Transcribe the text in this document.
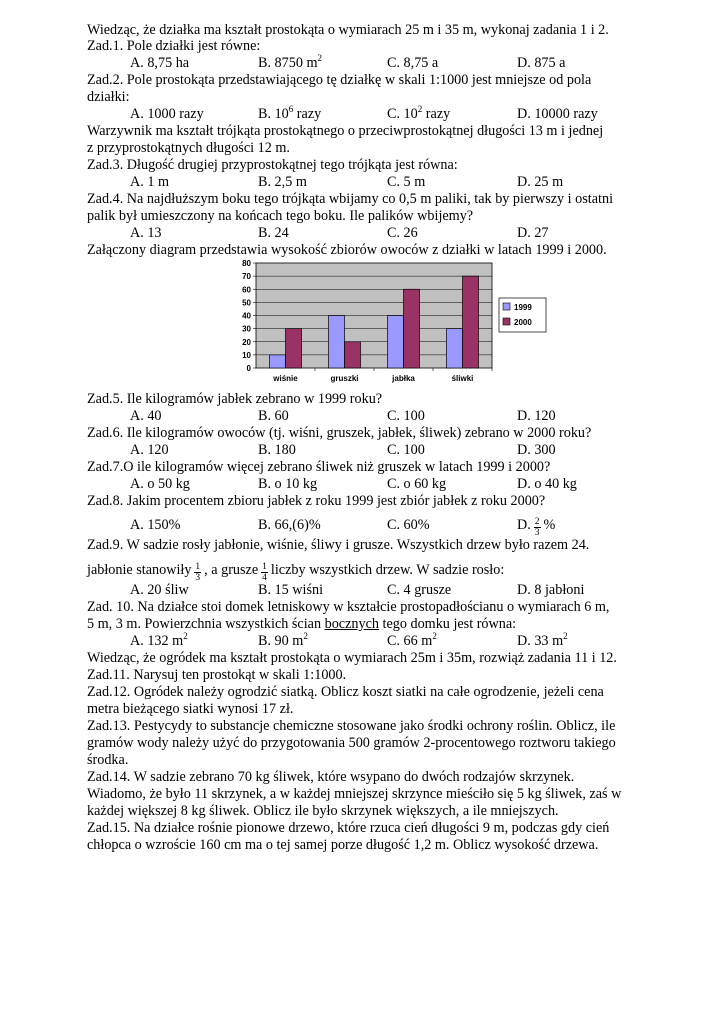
Wiedząc, że działka ma kształt prostokąta o wymiarach 25 m i 35 m, wykonaj zadania 1 i 2.
Zad.1. Pole działki jest równe:
A. 8,75 ha	B. 8750 $m^2$	C. 8,75 a	D. 875 a
Zad.2. Pole prostokąta przedstawiającego tę działkę w skali 1:1000 jest mniejsze od pola
działki:
A. 1000 razy	B. $10^6$ razy	C. $10^2$ razy	D. 10000 razy
Warzywnik ma kształt trójkąta prostokątnego o przeciwprostokątnej długości 13 m i jednej
z przyprostokątnych długości 12 m.
Zad.3. Długość drugiej przyprostokątnej tego trójkąta jest równa:
A. 1 m	B. 2,5 m	C. 5 m	D. 25 m
Zad.4. Na najdłuższym boku tego trójkąta wbijamy co 0,5 m paliki, tak by pierwszy i ostatni
palik był umieszczony na końcach tego boku. Ile palików wbijemy?
A. 13	B. 24	C. 26	D. 27
Załączony diagram przedstawia wysokość zbiorów owoców z działki w latach 1999 i 2000.
0
10
20
30
40
50
60
70
80
wiśnie	gruszki	jabłka	śliwki
1999
2000
Zad.5. Ile kilogramów jabłek zebrano w 1999 roku?
A. 40	B. 60	C. 100	D. 120
Zad.6. Ile kilogramów owoców (tj. wiśni, gruszek, jabłek, śliwek) zebrano w 2000 roku?
A. 120	B. 180	C. 100	D. 300
Zad.7.O ile kilogramów więcej zebrano śliwek niż gruszek w latach 1999 i 2000?
A. o 50 kg	B. o 10 kg	C. o 60 kg	D. o 40 kg
Zad.8. Jakim procentem zbioru jabłek z roku 1999 jest zbiór jabłek z roku 2000?
A. 150%	B. 66,(6)%	C. 60%	D. $\frac{2}{3}$ %
Zad.9. W sadzie rosły jabłonie, wiśnie, śliwy i grusze. Wszystkich drzew było razem 24.
jabłonie stanowiły $\frac{1}{3}$ , a grusze $\frac{1}{4}$ liczby wszystkich drzew. W sadzie rosło:
A. 20 śliw	B. 15 wiśni	C. 4 grusze	D. 8 jabłoni
Zad. 10. Na działce stoi domek letniskowy w kształcie prostopadłościanu o wymiarach 6 m,
5 m, 3 m. Powierzchnia wszystkich ścian bocznych tego domku jest równa:
A. 132 $m^2$	B. 90 $m^2$	C. 66 $m^2$	D. 33 $m^2$
Wiedząc, że ogródek ma kształt prostokąta o wymiarach 25m i 35m, rozwiąż zadania 11 i 12.
Zad.11. Narysuj ten prostokąt w skali 1:1000.
Zad.12. Ogródek należy ogrodzić siatką. Oblicz koszt siatki na całe ogrodzenie, jeżeli cena
metra bieżącego siatki wynosi 17 zł.
Zad.13. Pestycydy to substancje chemiczne stosowane jako środki ochrony roślin. Oblicz, ile
gramów wody należy użyć do przygotowania 500 gramów 2-procentowego roztworu takiego
środka.
Zad.14. W sadzie zebrano 70 kg śliwek, które wsypano do dwóch rodzajów skrzynek.
Wiadomo, że było 11 skrzynek, a w każdej mniejszej skrzynce mieściło się 5 kg śliwek, zaś w
każdej większej 8 kg śliwek. Oblicz ile było skrzynek większych, a ile mniejszych.
Zad.15. Na działce rośnie pionowe drzewo, które rzuca cień długości 9 m, podczas gdy cień
chłopca o wzroście 160 cm ma o tej samej porze długość 1,2 m. Oblicz wysokość drzewa.
